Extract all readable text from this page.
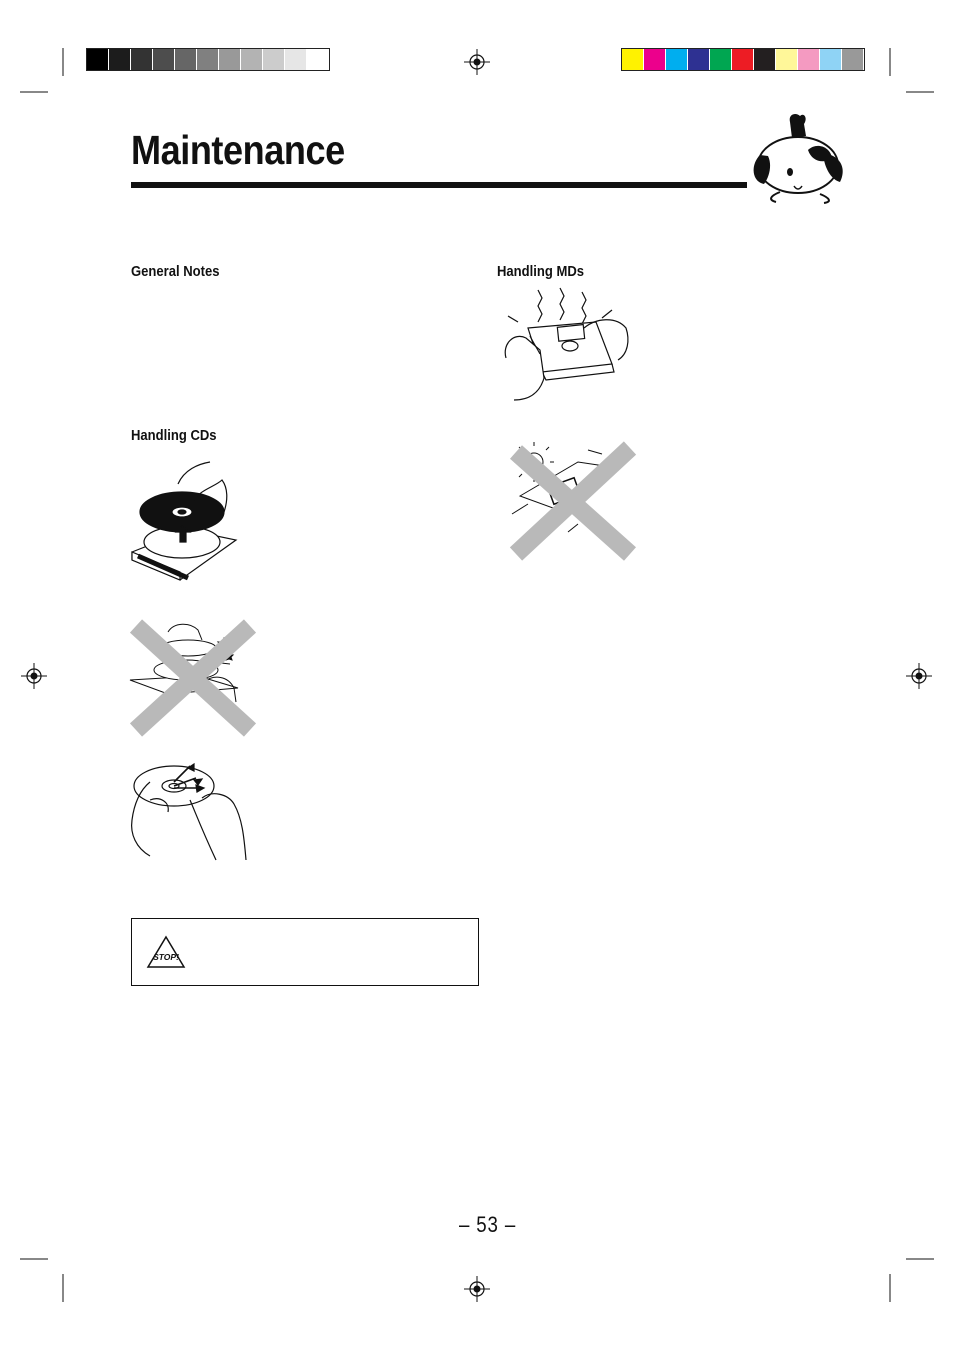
Maintenance
General Notes	Handling MDs
Handling CDs
STOP!
– 53 –
